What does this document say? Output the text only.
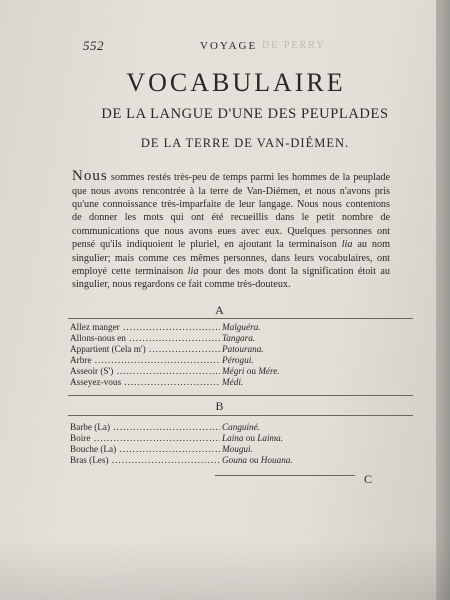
552	VOYAGE DE PERRY
VOCABULAIRE
DE LA LANGUE D'UNE DES PEUPLADES
DE LA TERRE DE VAN-DIÉMEN.

Nous sommes restés très-peu de temps parmi les hommes de la peuplade que nous avons rencontrée à la terre de Van-Diémen, et nous n'avons pris qu'une connoissance très-imparfaite de leur langage. Nous nous contentons de donner les mots qui ont été recueillis dans le petit nombre de communications que nous avons eues avec eux. Quelques personnes ont pensé qu'ils indiquoient le pluriel, en ajoutant la terminaison lia au nom singulier; mais comme ces mêmes personnes, dans leurs vocabulaires, ont employé cette terminaison lia pour des mots dont la signification étoit au singulier, nous regardons ce fait comme très-douteux.

A
Allez manger .....	Malguéra.
Allons-nous en .....	Tangara.
Appartient (Cela m') .....	Patourana.
Arbre .....	Pérogui.
Asseoir (S') .....	Mégri ou Mére.
Asseyez-vous .....	Médi.
B
Barbe (La) .....	Canguiné.
Boire .....	Laina ou Laima.
Bouche (La) .....	Mougui.
Bras (Les) .....	Gouna ou Houana.
C
